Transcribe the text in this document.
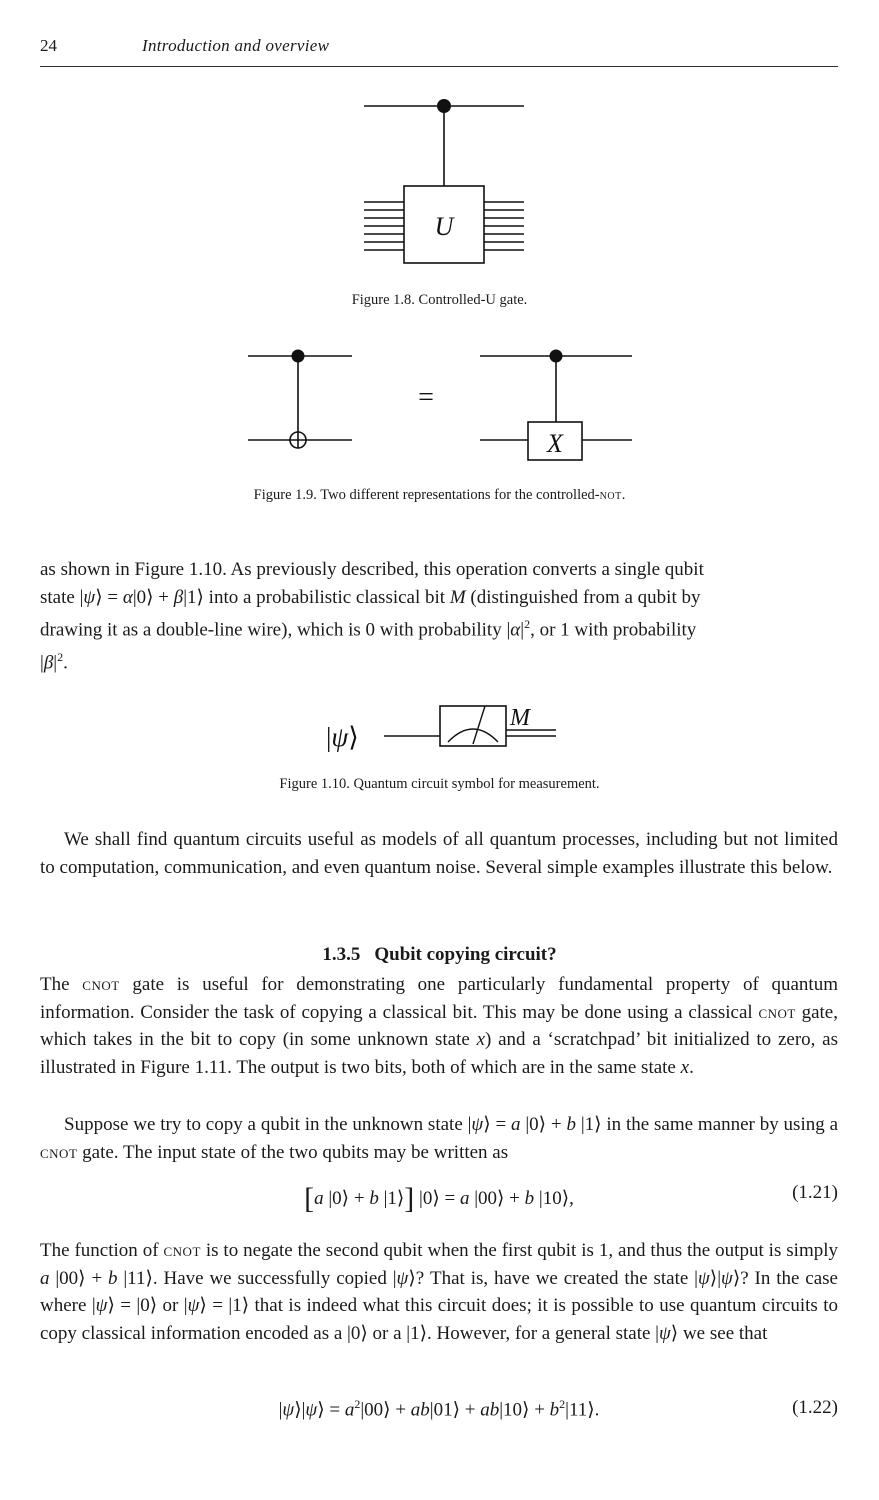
24	Introduction and overview
U
Figure 1.8. Controlled-U gate.
=
X
Figure 1.9. Two different representations for the controlled-not.

as shown in Figure 1.10. As previously described, this operation converts a single qubit

state |ψ⟩ = α|0⟩ + β|1⟩ into a probabilistic classical bit M (distinguished from a qubit by

drawing it as a double-line wire), which is 0 with probability $|\alpha|^2$, or 1 with probability

$|\beta|^2$.

|ψ⟩
M
Figure 1.10. Quantum circuit symbol for measurement.
We shall find quantum circuits useful as models of all quantum processes, including but not limited to computation, communication, and even quantum noise. Several simple examples illustrate this below.
1.3.5 Qubit copying circuit?
The cnot gate is useful for demonstrating one particularly fundamental property of quantum information. Consider the task of copying a classical bit. This may be done using a classical cnot gate, which takes in the bit to copy (in some unknown state x) and a ‘scratchpad’ bit initialized to zero, as illustrated in Figure 1.11. The output is two bits, both of which are in the same state x.
Suppose we try to copy a qubit in the unknown state |ψ⟩ = a |0⟩ + b |1⟩ in the same manner by using a cnot gate. The input state of the two qubits may be written as
[a |0⟩ + b |1⟩] |0⟩ = a |00⟩ + b |10⟩,	(1.21)
The function of cnot is to negate the second qubit when the first qubit is 1, and thus the output is simply a |00⟩ + b |11⟩. Have we successfully copied |ψ⟩? That is, have we created the state |ψ⟩|ψ⟩? In the case where |ψ⟩ = |0⟩ or |ψ⟩ = |1⟩ that is indeed what this circuit does; it is possible to use quantum circuits to copy classical information encoded as a |0⟩ or a |1⟩. However, for a general state |ψ⟩ we see that
|ψ⟩|ψ⟩ = $a^2|00⟩$ + ab|01⟩ + ab|10⟩ + $b^2|11⟩$.	(1.22)
